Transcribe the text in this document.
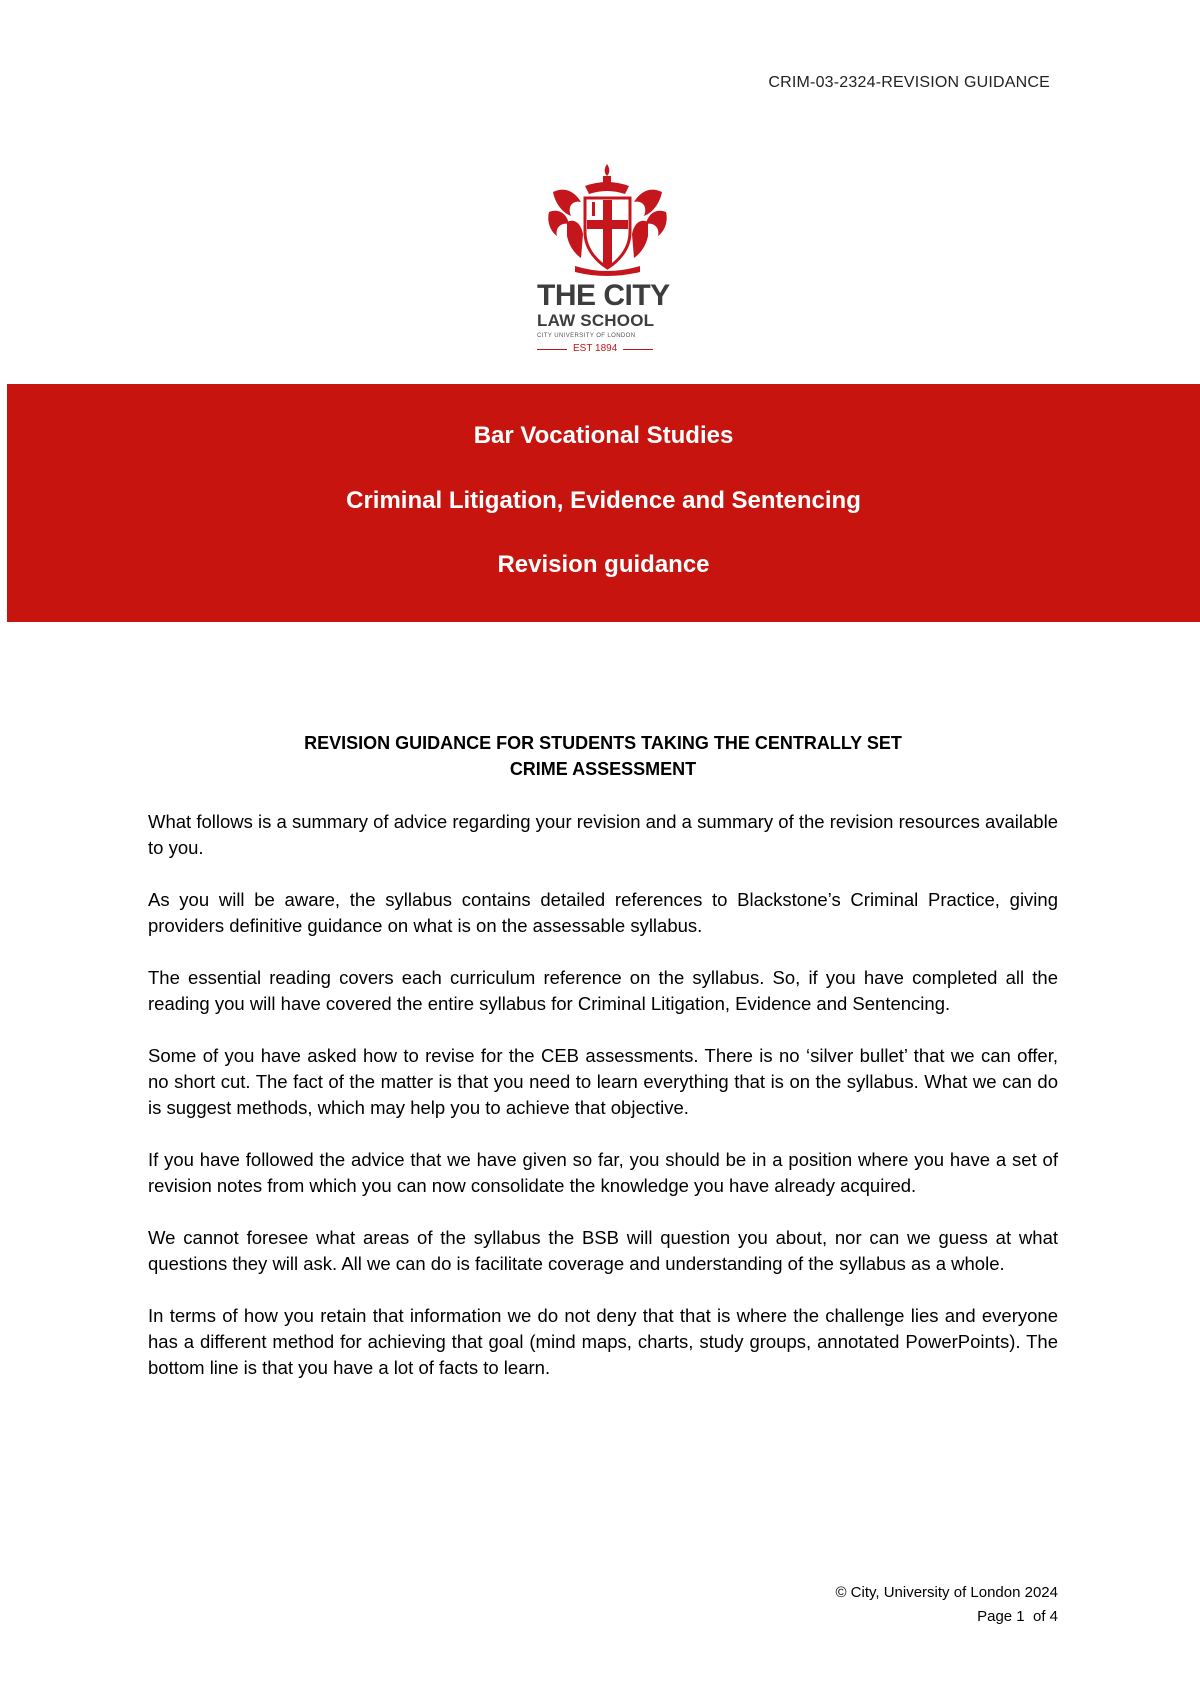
CRIM-03-2324-REVISION GUIDANCE
THE CITY
LAW SCHOOL
CITY UNIVERSITY OF LONDON
EST 1894
Bar Vocational Studies
Criminal Litigation, Evidence and Sentencing
Revision guidance
REVISION GUIDANCE FOR STUDENTS TAKING THE CENTRALLY SET
CRIME ASSESSMENT

What follows is a summary of advice regarding your revision and a summary of the revision resources available to you.

As you will be aware, the syllabus contains detailed references to Blackstone’s Criminal Practice, giving providers definitive guidance on what is on the assessable syllabus.

The essential reading covers each curriculum reference on the syllabus. So, if you have completed all the reading you will have covered the entire syllabus for Criminal Litigation, Evidence and Sentencing.

Some of you have asked how to revise for the CEB assessments. There is no ‘silver bullet’ that we can offer, no short cut. The fact of the matter is that you need to learn everything that is on the syllabus. What we can do is suggest methods, which may help you to achieve that objective.

If you have followed the advice that we have given so far, you should be in a position where you have a set of revision notes from which you can now consolidate the knowledge you have already acquired.

We cannot foresee what areas of the syllabus the BSB will question you about, nor can we guess at what questions they will ask. All we can do is facilitate coverage and understanding of the syllabus as a whole.

In terms of how you retain that information we do not deny that that is where the challenge lies and everyone has a different method for achieving that goal (mind maps, charts, study groups, annotated PowerPoints). The bottom line is that you have a lot of facts to learn.

© City, University of London 2024
Page 1  of 4
